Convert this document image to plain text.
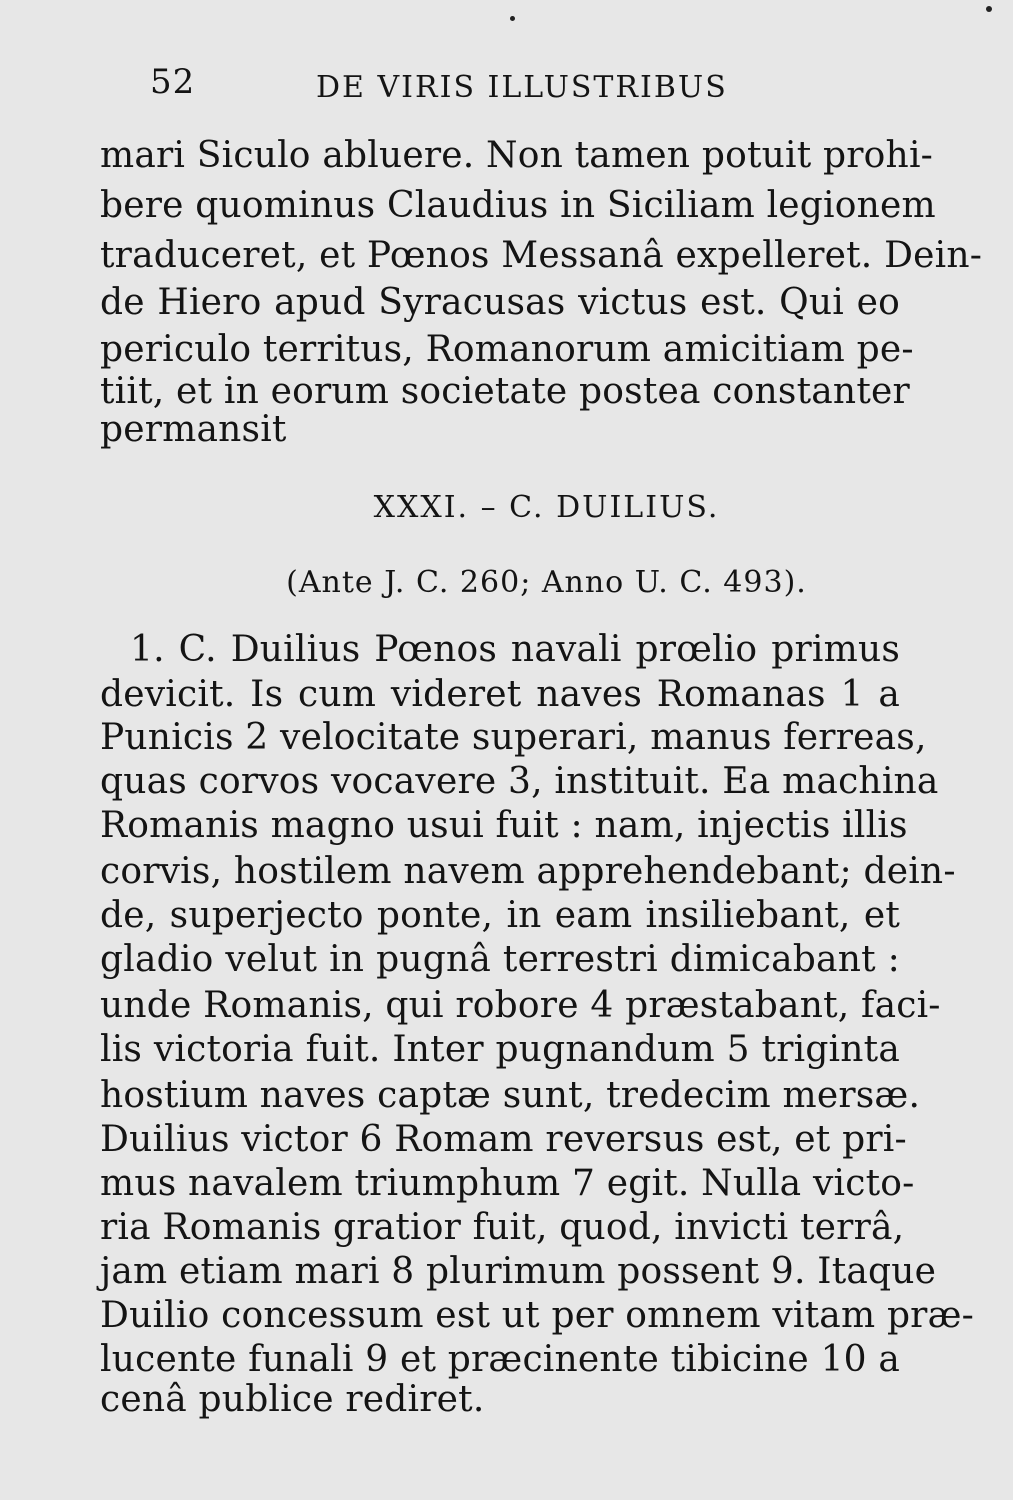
52	DE VIRIS ILLUSTRIBUS
mari Siculo abluere. Non tamen potuit prohi-
bere quominus Claudius in Siciliam legionem
traduceret, et Pœnos Messanâ expelleret. Dein-
de Hiero apud Syracusas victus est. Qui eo
periculo territus, Romanorum amicitiam pe-
tiit, et in eorum societate postea constanter
permansit
XXXI. – C. DUILIUS.
(Ante J. C. 260; Anno U. C. 493).
1. C. Duilius Pœnos navali prœlio primus
devicit. Is cum videret naves Romanas 1 a
Punicis 2 velocitate superari, manus ferreas,
quas corvos vocavere 3, instituit. Ea machina
Romanis magno usui fuit : nam, injectis illis
corvis, hostilem navem apprehendebant; dein-
de, superjecto ponte, in eam insiliebant, et
gladio velut in pugnâ terrestri dimicabant :
unde Romanis, qui robore 4 præstabant, faci-
lis victoria fuit. Inter pugnandum 5 triginta
hostium naves captæ sunt, tredecim mersæ.
Duilius victor 6 Romam reversus est, et pri-
mus navalem triumphum 7 egit. Nulla victo-
ria Romanis gratior fuit, quod, invicti terrâ,
jam etiam mari 8 plurimum possent 9. Itaque
Duilio concessum est ut per omnem vitam præ-
lucente funali 9 et præcinente tibicine 10 a
cenâ publice rediret.
